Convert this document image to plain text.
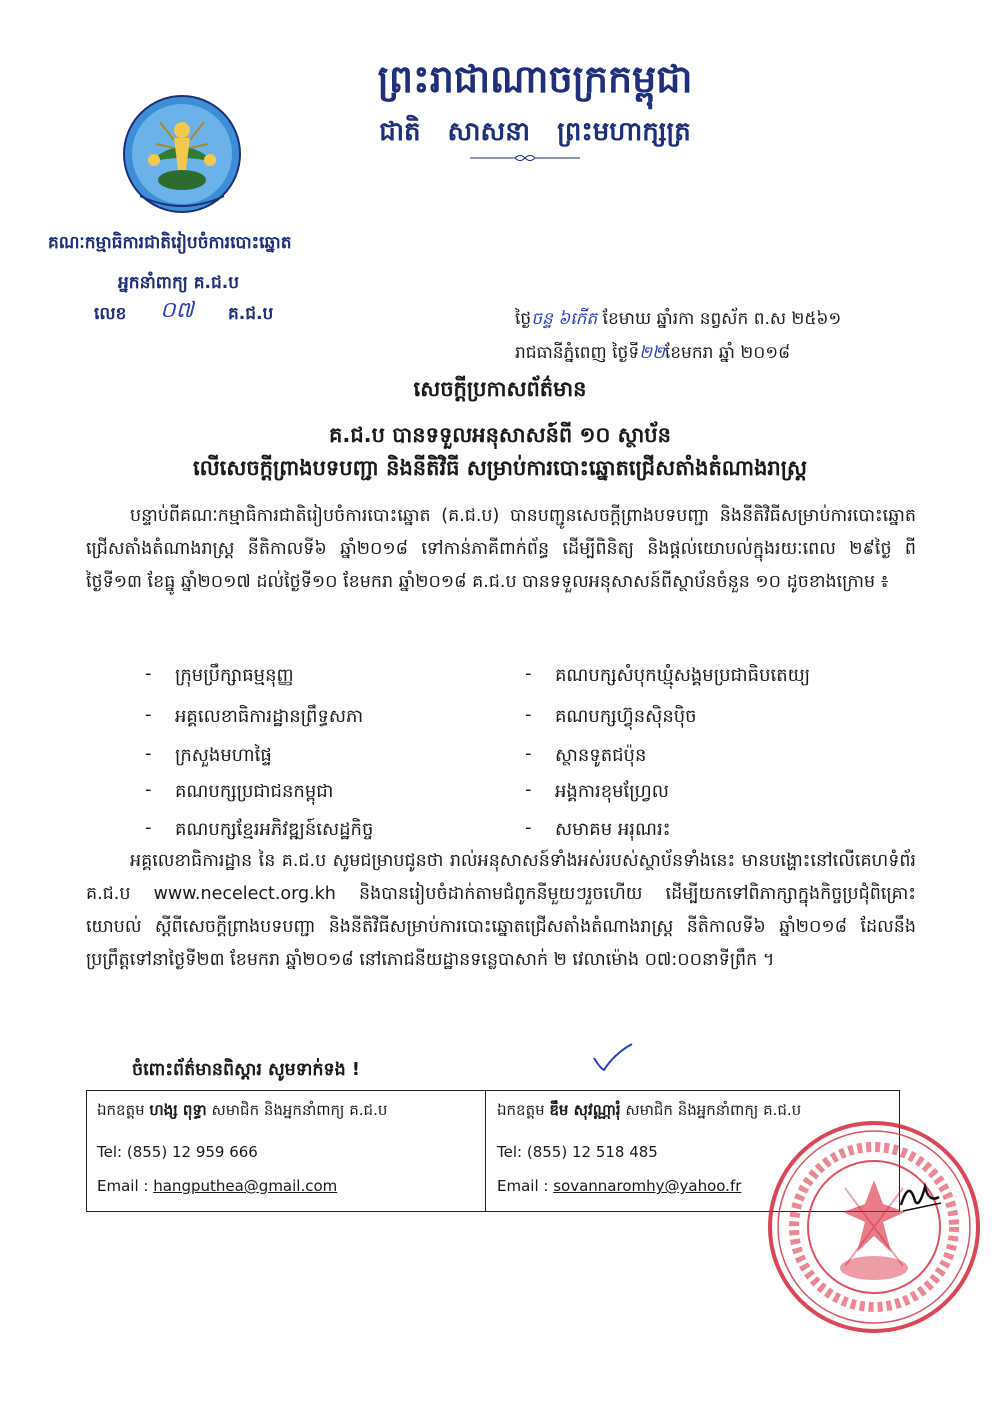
ព្រះរាជាណាចក្រកម្ពុជា
ជាតិ សាសនា ព្រះមហាក្សត្រ
គណៈកម្មាធិការជាតិរៀបចំការបោះឆ្នោត
អ្នកនាំពាក្យ គ.ជ.ប
លេខ ០៧ គ.ជ.ប	ថ្ងៃចន្ទ ៦កើត ខែមាឃ ឆ្នាំរកា នព្វស័ក ព.ស ២៥៦១
រាជធានីភ្នំពេញ ថ្ងៃទី២២ខែមករា ឆ្នាំ ២០១៨
សេចក្តីប្រកាសព័ត៌មាន
គ.ជ.ប បានទទួលអនុសាសន៍ពី ១០ ស្ថាប័ន
លើសេចក្តីព្រាងបទបញ្ជា និងនីតិវិធី សម្រាប់ការបោះឆ្នោតជ្រើសតាំងតំណាងរាស្ត្រ
បន្ទាប់ពីគណៈកម្មាធិការជាតិរៀបចំការបោះឆ្នោត (គ.ជ.ប) បានបញ្ជូនសេចក្តីព្រាងបទបញ្ជា និងនីតិវិធីសម្រាប់ការបោះឆ្នោតជ្រើសតាំងតំណាងរាស្ត្រ នីតិកាលទី៦ ឆ្នាំ២០១៨ ទៅកាន់ភាគីពាក់ព័ន្ធ ដើម្បីពិនិត្យ និងផ្តល់យោបល់ក្នុងរយៈពេល ២៩ថ្ងៃ ពីថ្ងៃទី១៣ ខែធ្នូ ឆ្នាំ២០១៧ ដល់ថ្ងៃទី១០ ខែមករា ឆ្នាំ២០១៨ គ.ជ.ប បានទទួលអនុសាសន៍ពីស្ថាប័នចំនួន ១០ ដូចខាងក្រោម ៖
- ក្រុមប្រឹក្សាធម្មនុញ្ញ
- អគ្គលេខាធិការដ្ឋានព្រឹទ្ធសភា
- ក្រសួងមហាផ្ទៃ
- គណបក្សប្រជាជនកម្ពុជា
- គណបក្សខ្មែរអភិវឌ្ឍន៍សេដ្ឋកិច្ច
- គណបក្សសំបុកឃ្មុំសង្គមប្រជាធិបតេយ្យ
- គណបក្សហ៊្វុនស៊ិនប៉ិច
- ស្ថានទូតជប៉ុន
- អង្គការខុមហ្វ្រែល
- សមាគម អរុណរះ
អគ្គលេខាធិការដ្ឋាន នៃ គ.ជ.ប សូមជម្រាបជូនថា រាល់អនុសាសន៍ទាំងអស់របស់ស្ថាប័នទាំងនេះ មានបង្ហោះនៅលើគេហទំព័រ គ.ជ.ប www.necelect.org.kh និងបានរៀបចំដាក់តាមជំពូកនីមួយៗរួចហើយ ដើម្បីយកទៅពិភាក្សាក្នុងកិច្ចប្រជុំពិគ្រោះយោបល់ ស្តីពីសេចក្តីព្រាងបទបញ្ជា និងនីតិវិធីសម្រាប់ការបោះឆ្នោតជ្រើសតាំងតំណាងរាស្ត្រ នីតិកាលទី៦ ឆ្នាំ២០១៨ ដែលនឹងប្រព្រឹត្តទៅនាថ្ងៃទី២៣ ខែមករា ឆ្នាំ២០១៨ នៅភោជនីយដ្ឋានទន្លេបាសាក់ ២ វេលាម៉ោង ០៧:០០នាទីព្រឹក ។
ចំពោះព័ត៌មានពិស្តារ សូមទាក់ទង !
ឯកឧត្តម ហង្ស ពុទ្ធា សមាជិក និងអ្នកនាំពាក្យ គ.ជ.ប
Tel: (855) 12 959 666
Email : hangputhea@gmail.com
ឯកឧត្តម ឌឹម សុវណ្ណារុំ សមាជិក និងអ្នកនាំពាក្យ គ.ជ.ប
Tel: (855) 12 518 485
Email : sovannaromhy@yahoo.fr
